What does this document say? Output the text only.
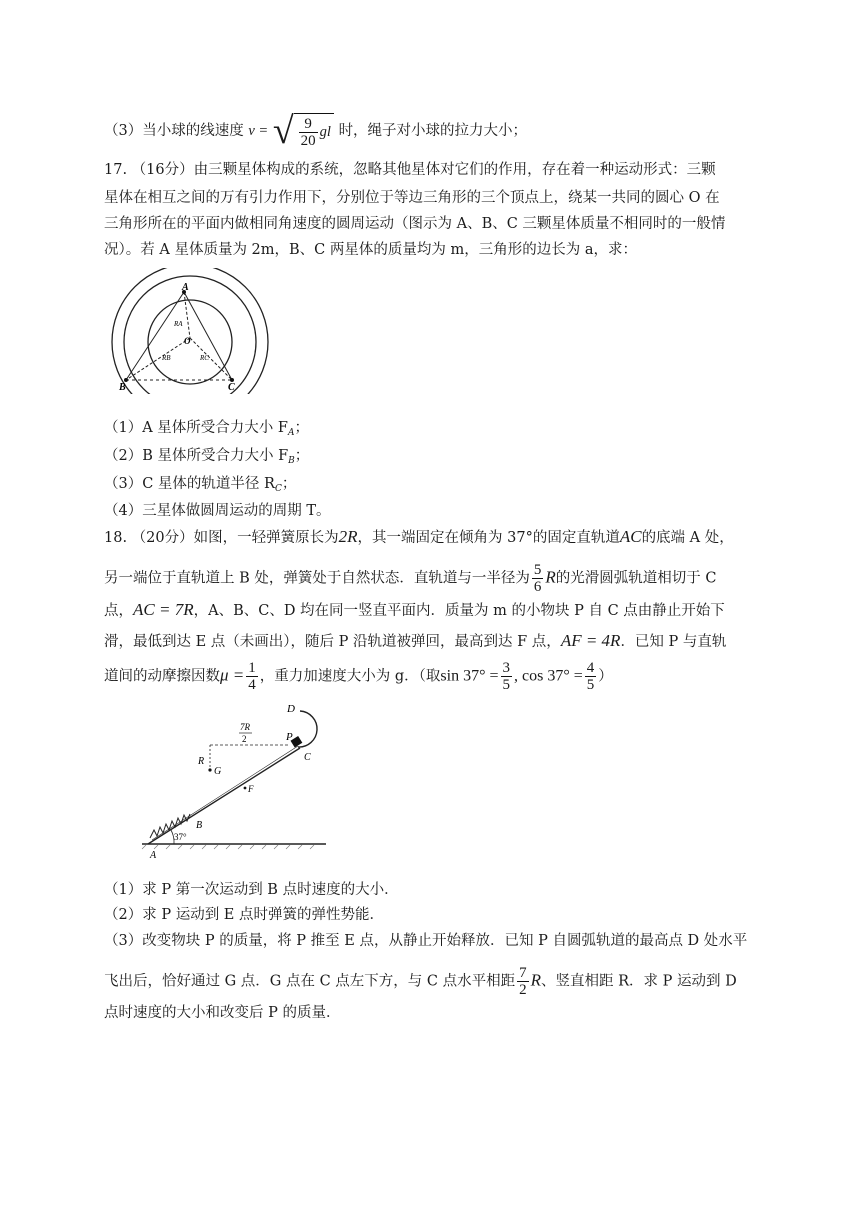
（3）当小球的线速度 v = √ $\frac{9}{20}$ gl 时，绳子对小球的拉力大小；
17. （16分）由三颗星体构成的系统，忽略其他星体对它们的作用，存在着一种运动形式：三颗
星体在相互之间的万有引力作用下，分别位于等边三角形的三个顶点上，绕某一共同的圆心 O 在
三角形所在的平面内做相同角速度的圆周运动（图示为 A、B、C 三颗星体质量不相同时的一般情
况）。若 A 星体质量为 2m，B、C 两星体的质量均为 m，三角形的边长为 a，求：
A
B	C
O
RA
RB	RC
（1）A 星体所受合力大小 $F_A$；
（2）B 星体所受合力大小 $F_B$；
（3）C 星体的轨道半径 $R_C$；
（4）三星体做圆周运动的周期 T。
18. （20分）如图，一轻弹簧原长为2R，其一端固定在倾角为 37°的固定直轨道AC的底端 A 处，
另一端位于直轨道上 B 处，弹簧处于自然状态．直轨道与一半径为 $\frac{5}{6}$ R的光滑圆弧轨道相切于 C
点，AC = 7R，A、B、C、D 均在同一竖直平面内．质量为 m 的小物块 P 自 C 点由静止开始下
滑，最低到达 E 点（未画出），随后 P 沿轨道被弹回，最高到达 F 点，AF = 4R．已知 P 与直轨
道间的动摩擦因数$\mu = \frac{1}{4}$ ，重力加速度大小为 g．（取$\sin 37^\circ = \frac{3}{5}$ , $\cos 37^\circ = \frac{4}{5}$ ）
D
P
C
R
G
F
B
A
37°
7R
2
（1）求 P 第一次运动到 B 点时速度的大小．
（2）求 P 运动到 E 点时弹簧的弹性势能．
（3）改变物块 P 的质量，将 P 推至 E 点，从静止开始释放．已知 P 自圆弧轨道的最高点 D 处水平
飞出后，恰好通过 G 点．G 点在 C 点左下方，与 C 点水平相距 $\frac{7}{2}$ R、竖直相距 R．求 P 运动到 D
点时速度的大小和改变后 P 的质量．
